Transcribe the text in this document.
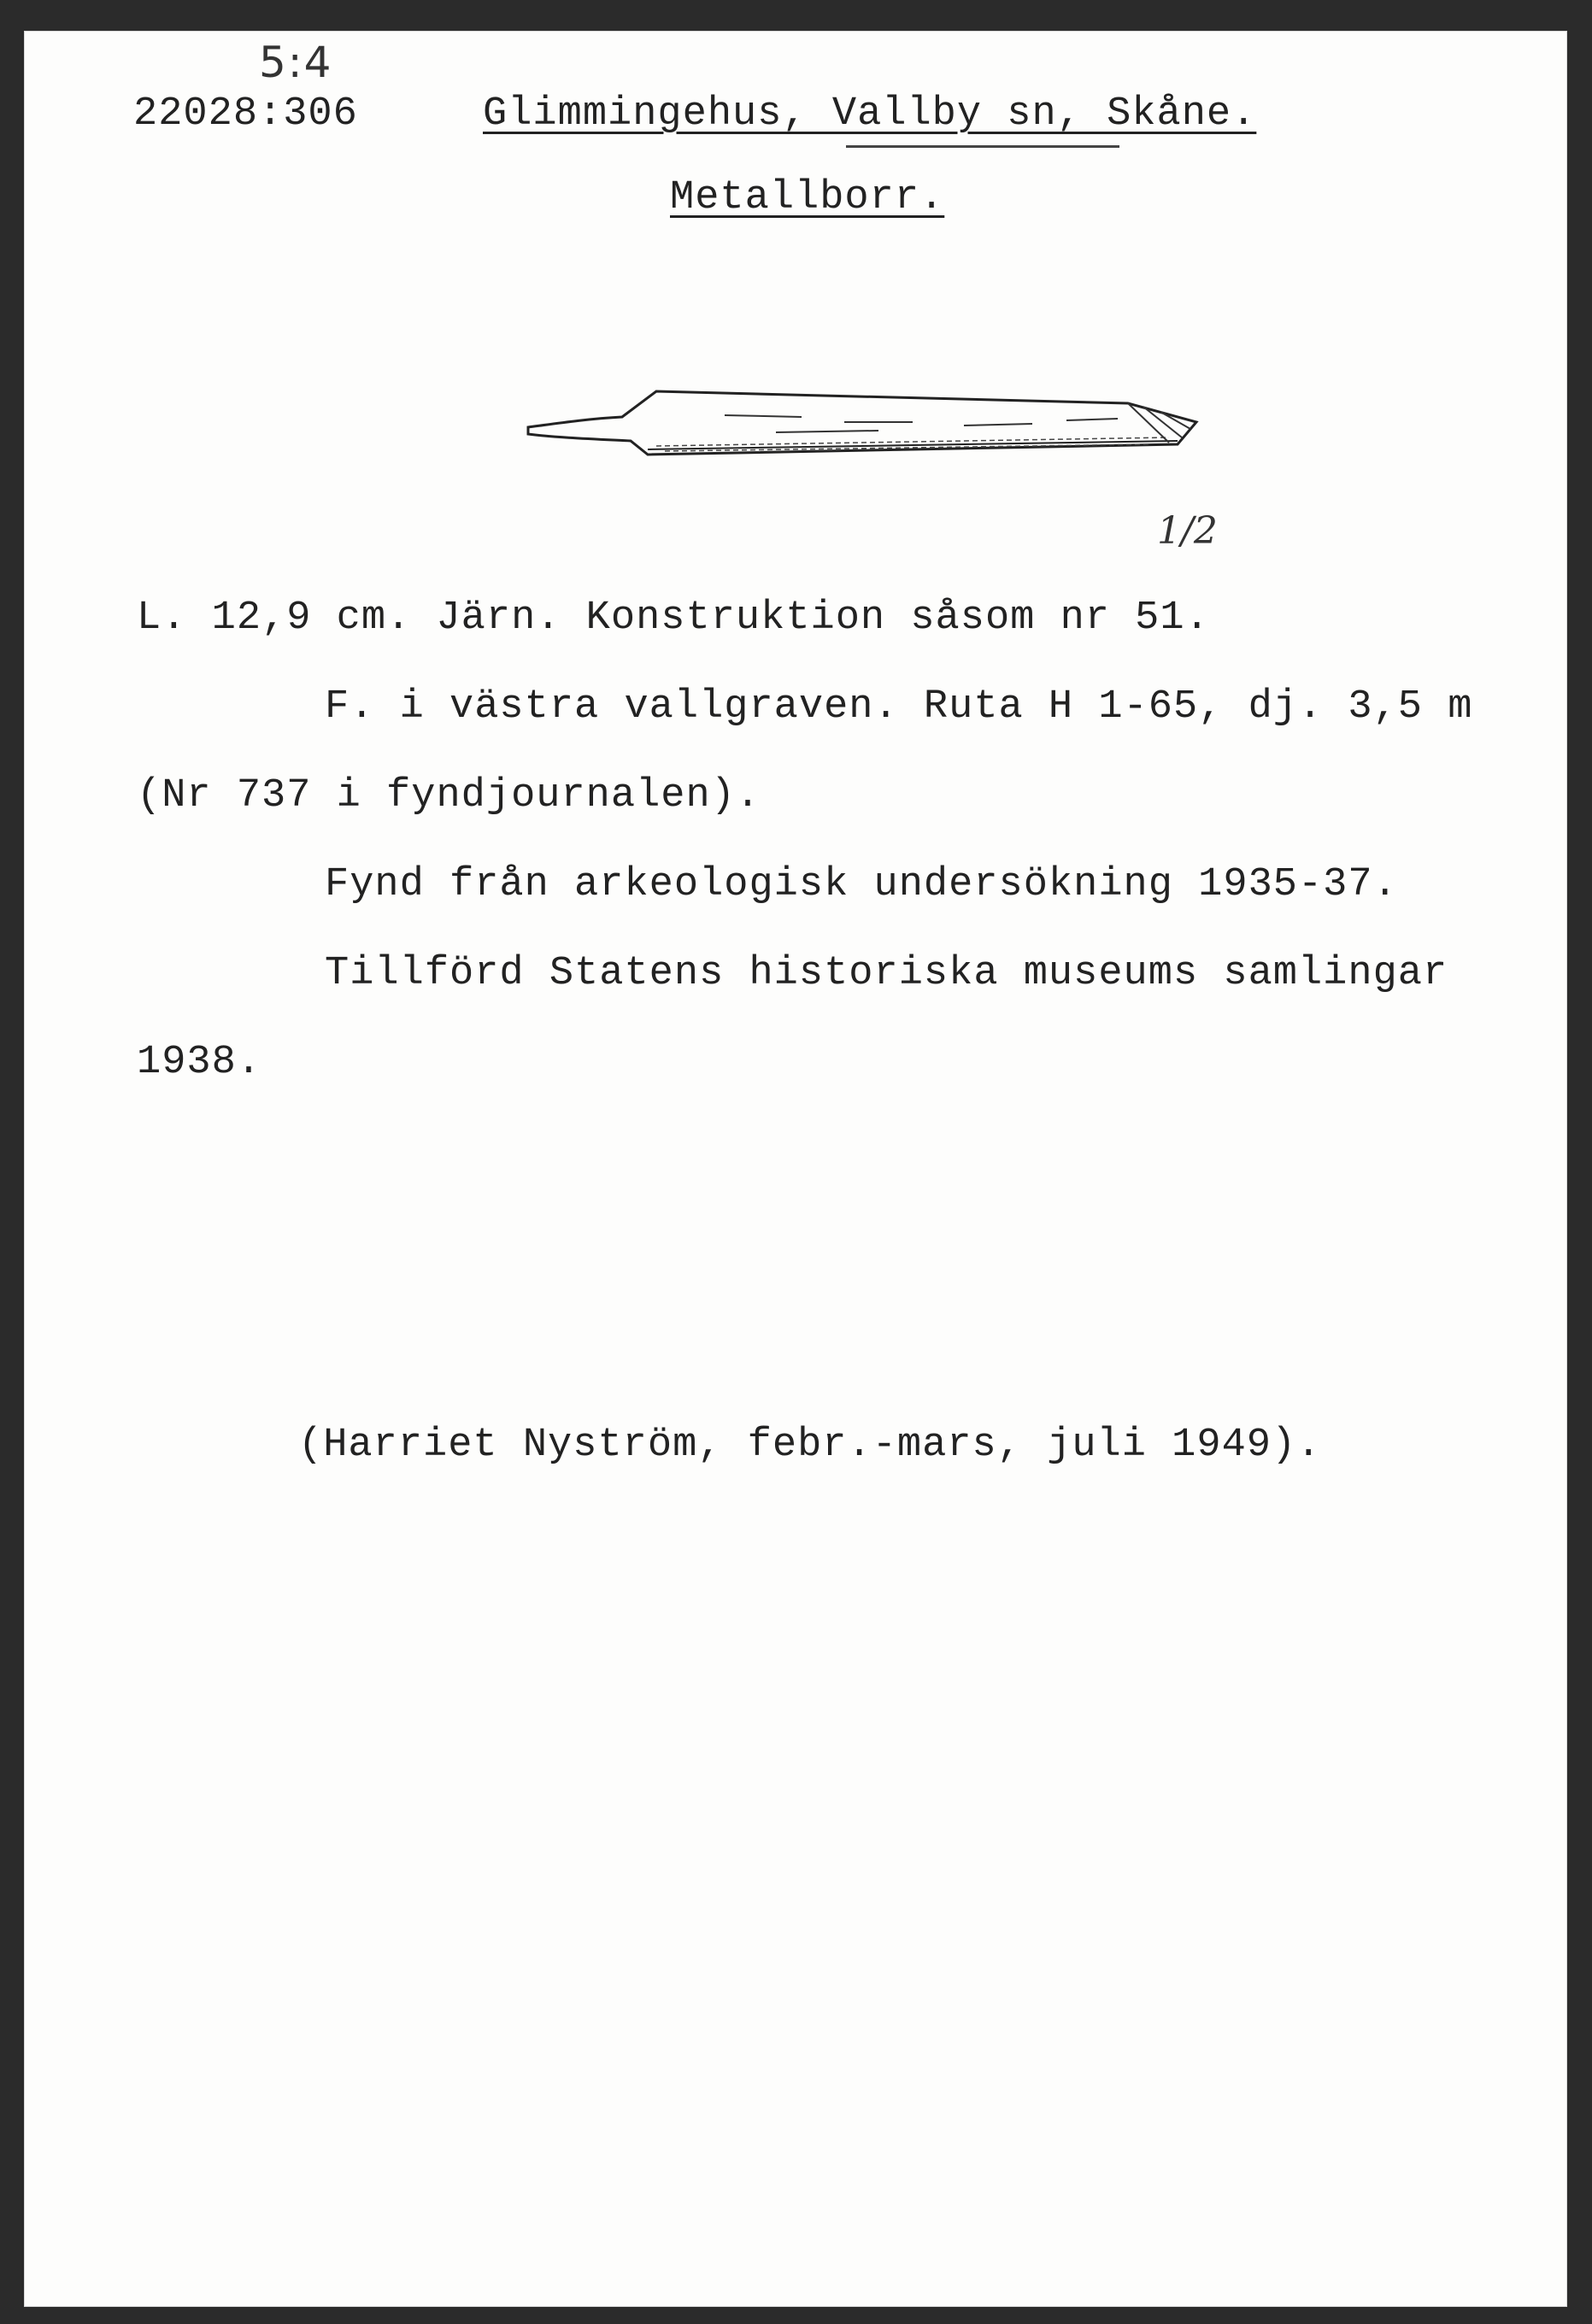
5:4
22028:306	Glimmingehus, Vallby sn, Skåne.
Metallborr.
1/2
L. 12,9 cm. Järn. Konstruktion såsom nr 51.
F. i västra vallgraven. Ruta H 1-65, dj. 3,5 m
(Nr 737 i fyndjournalen).
Fynd från arkeologisk undersökning 1935-37.
Tillförd Statens historiska museums samlingar
1938.
(Harriet Nyström, febr.-mars, juli 1949).
